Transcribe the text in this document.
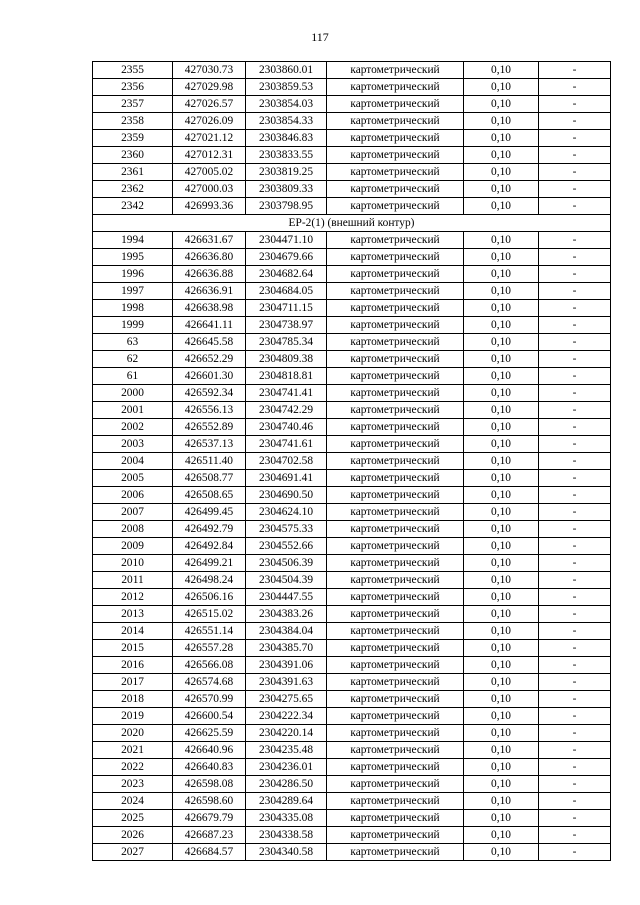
117
2355	427030.73	2303860.01	картометрический	0,10	-
2356	427029.98	2303859.53	картометрический	0,10	-
2357	427026.57	2303854.03	картометрический	0,10	-
2358	427026.09	2303854.33	картометрический	0,10	-
2359	427021.12	2303846.83	картометрический	0,10	-
2360	427012.31	2303833.55	картометрический	0,10	-
2361	427005.02	2303819.25	картометрический	0,10	-
2362	427000.03	2303809.33	картометрический	0,10	-
2342	426993.36	2303798.95	картометрический	0,10	-
ЕР-2(1) (внешний контур)					
1994	426631.67	2304471.10	картометрический	0,10	-
1995	426636.80	2304679.66	картометрический	0,10	-
1996	426636.88	2304682.64	картометрический	0,10	-
1997	426636.91	2304684.05	картометрический	0,10	-
1998	426638.98	2304711.15	картометрический	0,10	-
1999	426641.11	2304738.97	картометрический	0,10	-
63	426645.58	2304785.34	картометрический	0,10	-
62	426652.29	2304809.38	картометрический	0,10	-
61	426601.30	2304818.81	картометрический	0,10	-
2000	426592.34	2304741.41	картометрический	0,10	-
2001	426556.13	2304742.29	картометрический	0,10	-
2002	426552.89	2304740.46	картометрический	0,10	-
2003	426537.13	2304741.61	картометрический	0,10	-
2004	426511.40	2304702.58	картометрический	0,10	-
2005	426508.77	2304691.41	картометрический	0,10	-
2006	426508.65	2304690.50	картометрический	0,10	-
2007	426499.45	2304624.10	картометрический	0,10	-
2008	426492.79	2304575.33	картометрический	0,10	-
2009	426492.84	2304552.66	картометрический	0,10	-
2010	426499.21	2304506.39	картометрический	0,10	-
2011	426498.24	2304504.39	картометрический	0,10	-
2012	426506.16	2304447.55	картометрический	0,10	-
2013	426515.02	2304383.26	картометрический	0,10	-
2014	426551.14	2304384.04	картометрический	0,10	-
2015	426557.28	2304385.70	картометрический	0,10	-
2016	426566.08	2304391.06	картометрический	0,10	-
2017	426574.68	2304391.63	картометрический	0,10	-
2018	426570.99	2304275.65	картометрический	0,10	-
2019	426600.54	2304222.34	картометрический	0,10	-
2020	426625.59	2304220.14	картометрический	0,10	-
2021	426640.96	2304235.48	картометрический	0,10	-
2022	426640.83	2304236.01	картометрический	0,10	-
2023	426598.08	2304286.50	картометрический	0,10	-
2024	426598.60	2304289.64	картометрический	0,10	-
2025	426679.79	2304335.08	картометрический	0,10	-
2026	426687.23	2304338.58	картометрический	0,10	-
2027	426684.57	2304340.58	картометрический	0,10	-
